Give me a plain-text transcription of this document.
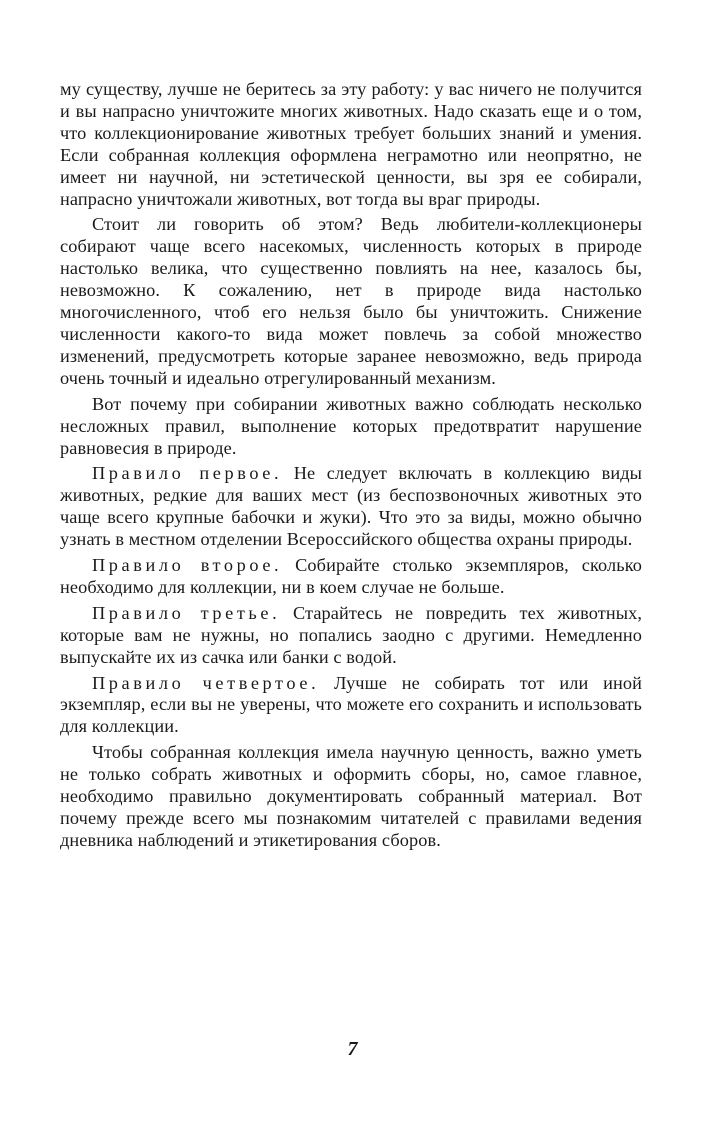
му существу, лучше не беритесь за эту работу: у вас ничего не получится и вы напрасно уничтожите многих животных. Надо сказать еще и о том, что коллекционирование животных требует больших знаний и умения. Если собранная коллекция оформлена неграмотно или неопрятно, не имеет ни научной, ни эстетической ценности, вы зря ее собирали, напрасно уничтожали животных, вот тогда вы враг природы.

Стоит ли говорить об этом? Ведь любители-коллекционеры собирают чаще всего насекомых, численность которых в природе настолько велика, что существенно повлиять на нее, казалось бы, невозможно. К сожалению, нет в природе вида настолько многочисленного, чтоб его нельзя было бы уничтожить. Снижение численности какого-то вида может повлечь за собой множество изменений, предусмотреть которые заранее невозможно, ведь природа очень точный и идеально отрегулированный механизм.

Вот почему при собирании животных важно соблюдать несколько несложных правил, выполнение которых предотвратит нарушение равновесия в природе.

Правило первое. Не следует включать в коллекцию виды животных, редкие для ваших мест (из беспозвоночных животных это чаще всего крупные бабочки и жуки). Что это за виды, можно обычно узнать в местном отделении Всероссийского общества охраны природы.

Правило второе. Собирайте столько экземпляров, сколько необходимо для коллекции, ни в коем случае не больше.

Правило третье. Старайтесь не повредить тех животных, которые вам не нужны, но попались заодно с другими. Немедленно выпускайте их из сачка или банки с водой.

Правило четвертое. Лучше не собирать тот или иной экземпляр, если вы не уверены, что можете его сохранить и использовать для коллекции.

Чтобы собранная коллекция имела научную ценность, важно уметь не только собрать животных и оформить сборы, но, самое главное, необходимо правильно документировать собранный материал. Вот почему прежде всего мы познакомим читателей с правилами ведения дневника наблюдений и этикетирования сборов.

7
